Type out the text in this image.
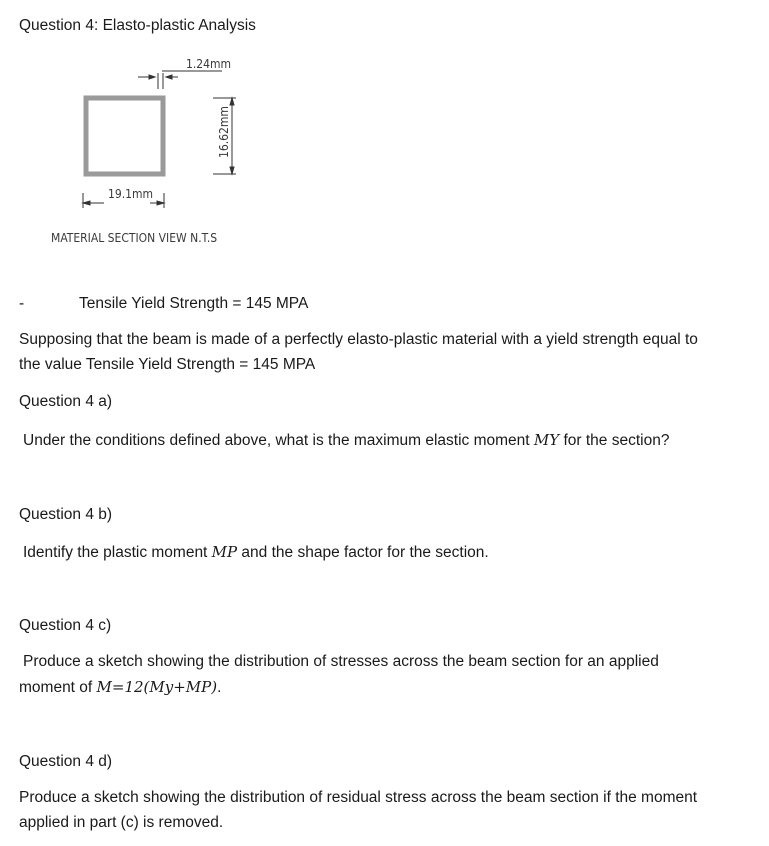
Question 4: Elasto-plastic Analysis
1.24mm
16.62mm
19.1mm
MATERIAL SECTION VIEW N.T.S
-	Tensile Yield Strength = 145 MPA
Supposing that the beam is made of a perfectly elasto-plastic material with a yield strength equal to
the value Tensile Yield Strength = 145 MPA
Question 4 a)
Under the conditions defined above, what is the maximum elastic moment MY for the section?
Question 4 b)
Identify the plastic moment MP and the shape factor for the section.
Question 4 c)
Produce a sketch showing the distribution of stresses across the beam section for an applied
moment of M=12(My+MP).
Question 4 d)
Produce a sketch showing the distribution of residual stress across the beam section if the moment
applied in part (c) is removed.
